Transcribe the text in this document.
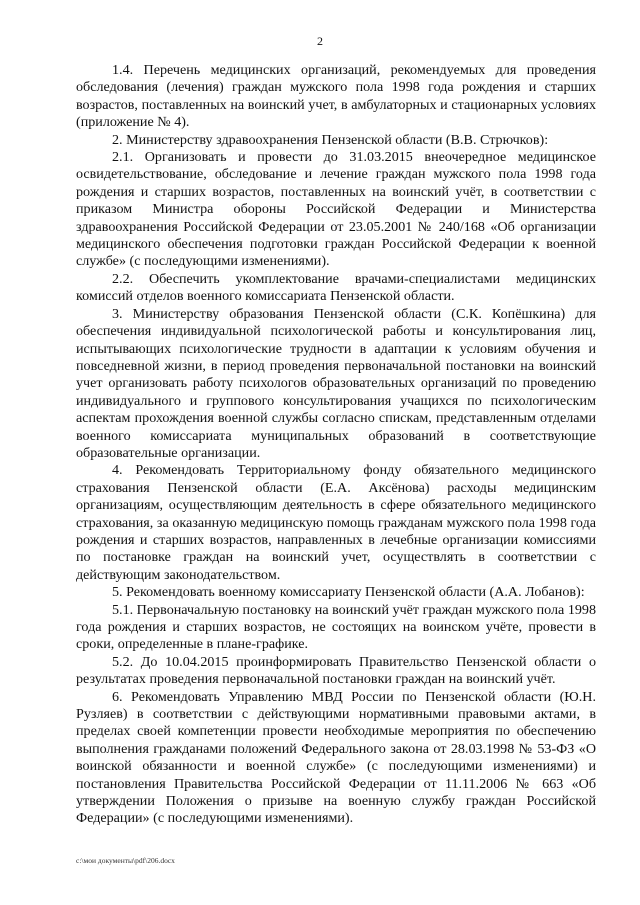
2

1.4. Перечень медицинских организаций, рекомендуемых для проведения обследования (лечения) граждан мужского пола 1998 года рождения и старших возрастов, поставленных на воинский учет, в амбулаторных и стационарных условиях (приложение № 4).

2. Министерству здравоохранения Пензенской области (В.В. Стрючков):

2.1. Организовать и провести до 31.03.2015 внеочередное медицинское освидетельствование, обследование и лечение граждан мужского пола 1998 года рождения и старших возрастов, поставленных на воинский учёт, в соответствии с приказом Министра обороны Российской Федерации и Министерства здравоохранения Российской Федерации от 23.05.2001 № 240/168 «Об организации медицинского обеспечения подготовки граждан Российской Федерации к военной службе» (с последующими изменениями).

2.2. Обеспечить укомплектование врачами-специалистами медицинских комиссий отделов военного комиссариата Пензенской области.

3. Министерству образования Пензенской области (С.К. Копёшкина) для обеспечения индивидуальной психологической работы и консультирования лиц, испытывающих психологические трудности в адаптации к условиям обучения и повседневной жизни, в период проведения первоначальной постановки на воинский учет организовать работу психологов образовательных организаций по проведению индивидуального и группового консультирования учащихся по психологическим аспектам прохождения военной службы согласно спискам, представленным отделами военного комиссариата муниципальных образований в соответствующие образовательные организации.

4. Рекомендовать Территориальному фонду обязательного медицинского страхования Пензенской области (Е.А. Аксёнова) расходы медицинским организациям, осуществляющим деятельность в сфере обязательного медицинского страхования, за оказанную медицинскую помощь гражданам мужского пола 1998 года рождения и старших возрастов, направленных в лечебные организации комиссиями по постановке граждан на воинский учет, осуществлять в соответствии с действующим законодательством.

5. Рекомендовать военному комиссариату Пензенской области (А.А. Лобанов):

5.1. Первоначальную постановку на воинский учёт граждан мужского пола 1998 года рождения и старших возрастов, не состоящих на воинском учёте, провести в сроки, определенные в плане-графике.

5.2. До 10.04.2015 проинформировать Правительство Пензенской области о результатах проведения первоначальной постановки граждан на воинский учёт.

6. Рекомендовать Управлению МВД России по Пензенской области (Ю.Н. Рузляев) в соответствии с действующими нормативными правовыми актами, в пределах своей компетенции провести необходимые мероприятия по обеспечению выполнения гражданами положений Федерального закона от 28.03.1998 № 53-ФЗ «О воинской обязанности и военной службе» (с последующими изменениями) и постановления Правительства Российской Федерации от 11.11.2006 № 663 «Об утверждении Положения о призыве на военную службу граждан Российской Федерации» (с последующими изменениями).

c:\мои документы\pdf\206.docx
